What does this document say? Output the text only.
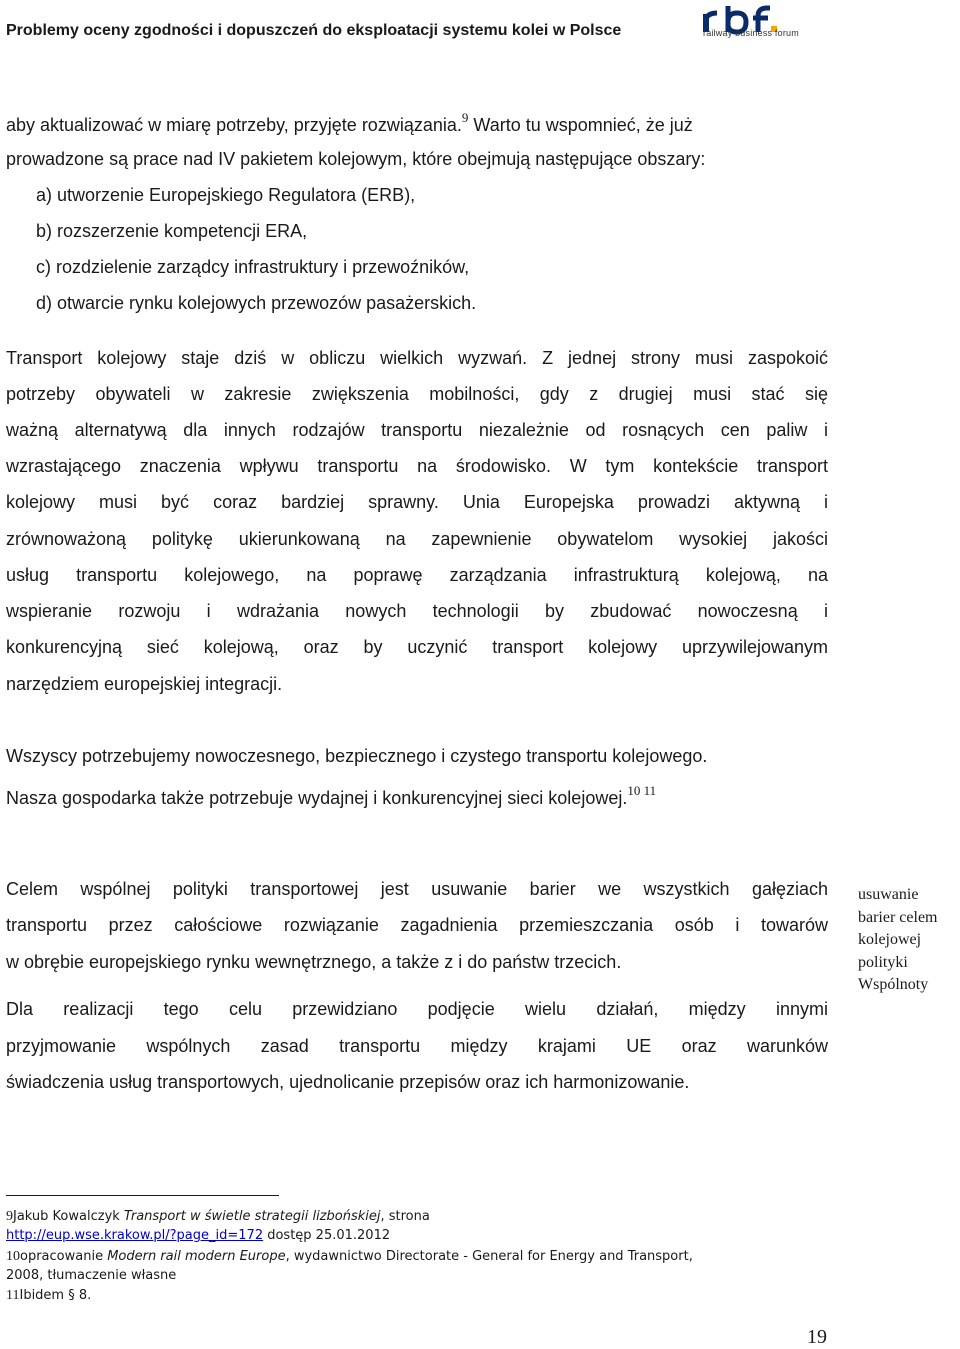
Problemy oceny zgodności i dopuszczeń do eksploatacji systemu kolei w Polsce	railway business forum
aby aktualizować w miarę potrzeby, przyjęte rozwiązania.$^9$ Warto tu wspomnieć, że już
prowadzone są prace nad IV pakietem kolejowym, które obejmują następujące obszary:
a) utworzenie Europejskiego Regulatora (ERB),
b) rozszerzenie kompetencji ERA,
c) rozdzielenie zarządcy infrastruktury i przewoźników,
d) otwarcie rynku kolejowych przewozów pasażerskich.
Transport kolejowy staje dziś w obliczu wielkich wyzwań. Z jednej strony musi zaspokoić
potrzeby obywateli w zakresie zwiększenia mobilności, gdy z drugiej musi stać się
ważną alternatywą dla innych rodzajów transportu niezależnie od rosnących cen paliw i
wzrastającego znaczenia wpływu transportu na środowisko. W tym kontekście transport
kolejowy musi być coraz bardziej sprawny. Unia Europejska prowadzi aktywną i
zrównoważoną politykę ukierunkowaną na zapewnienie obywatelom wysokiej jakości
usług transportu kolejowego, na poprawę zarządzania infrastrukturą kolejową, na
wspieranie rozwoju i wdrażania nowych technologii by zbudować nowoczesną i
konkurencyjną sieć kolejową, oraz by uczynić transport kolejowy uprzywilejowanym
narzędziem europejskiej integracji.
Wszyscy potrzebujemy nowoczesnego, bezpiecznego i czystego transportu kolejowego.
Nasza gospodarka także potrzebuje wydajnej i konkurencyjnej sieci kolejowej.$^{10 11}$
Celem wspólnej polityki transportowej jest usuwanie barier we wszystkich gałęziach
transportu przez całościowe rozwiązanie zagadnienia przemieszczania osób i towarów
w obrębie europejskiego rynku wewnętrznego, a także z i do państw trzecich.
Dla realizacji tego celu przewidziano podjęcie wielu działań, między innymi
przyjmowanie wspólnych zasad transportu między krajami UE oraz warunków
świadczenia usług transportowych, ujednolicanie przepisów oraz ich harmonizowanie.
usuwanie barier celem kolejowej polityki Wspólnoty
9Jakub Kowalczyk Transport w świetle strategii lizbońskiej, strona
http://eup.wse.krakow.pl/?page_id=172 dostęp 25.01.2012
10opracowanie Modern rail modern Europe, wydawnictwo Directorate - General for Energy and Transport,
2008, tłumaczenie własne
11Ibidem § 8.
19
